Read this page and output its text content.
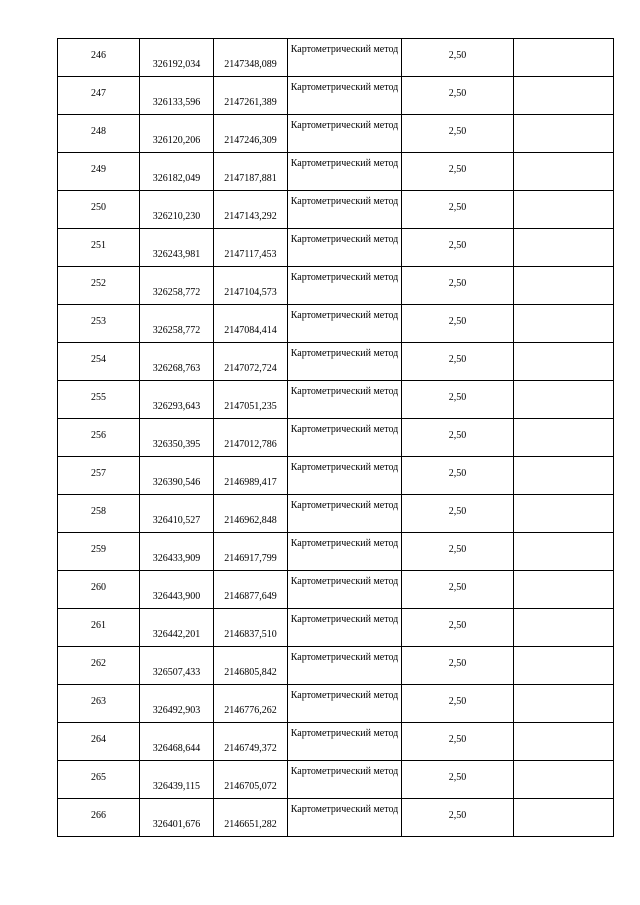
246	326192,034	2147348,089	Картометрический метод	2,50	

247	326133,596	2147261,389	Картометрический метод	2,50	

248	326120,206	2147246,309	Картометрический метод	2,50	

249	326182,049	2147187,881	Картометрический метод	2,50	

250	326210,230	2147143,292	Картометрический метод	2,50	

251	326243,981	2147117,453	Картометрический метод	2,50	

252	326258,772	2147104,573	Картометрический метод	2,50	

253	326258,772	2147084,414	Картометрический метод	2,50	

254	326268,763	2147072,724	Картометрический метод	2,50	

255	326293,643	2147051,235	Картометрический метод	2,50	

256	326350,395	2147012,786	Картометрический метод	2,50	

257	326390,546	2146989,417	Картометрический метод	2,50	

258	326410,527	2146962,848	Картометрический метод	2,50	

259	326433,909	2146917,799	Картометрический метод	2,50	

260	326443,900	2146877,649	Картометрический метод	2,50	

261	326442,201	2146837,510	Картометрический метод	2,50	

262	326507,433	2146805,842	Картометрический метод	2,50	

263	326492,903	2146776,262	Картометрический метод	2,50	

264	326468,644	2146749,372	Картометрический метод	2,50	

265	326439,115	2146705,072	Картометрический метод	2,50	

266	326401,676	2146651,282	Картометрический метод	2,50	
